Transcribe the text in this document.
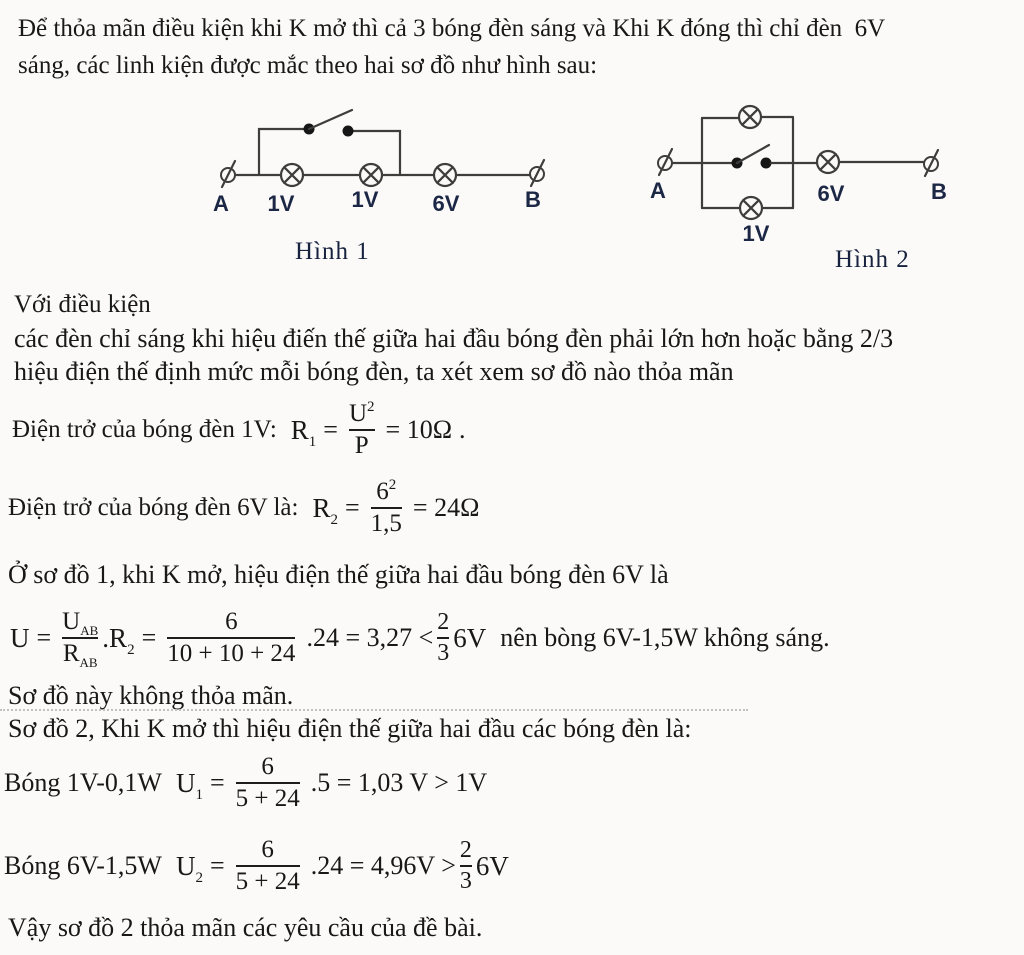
Để thỏa mãn điều kiện khi K mở thì cả 3 bóng đèn sáng và Khi K đóng thì chỉ đèn  6V
sáng, các linh kiện được mắc theo hai sơ đồ như hình sau:
A 1V	1V 6V	B
Hình 1
A	6V
1V
B
Hình 2
Với điều kiện
các đèn chỉ sáng khi hiệu điến thế giữa hai đầu bóng đèn phải lớn hơn hoặc bằng 2/3
hiệu điện thế định mức mỗi bóng đèn, ta xét xem sơ đồ nào thỏa mãn
Điện trở của bóng đèn 1V: $R_1 = \frac{U^2}{P} = 10\Omega$ .
Điện trở của bóng đèn 6V là: $R_2 = \frac{6^2}{1,5} = 24\Omega$
Ở sơ đồ 1, khi K mở, hiệu điện thế giữa hai đầu bóng đèn 6V là
$U = \frac{U_{AB}}{R_{AB}} .R_2 = \frac{6}{10 + 10 + 24} .24 = 3,27 < \frac{2}{3} 6V$ nên bòng 6V-1,5W không sáng.
Sơ đồ này không thỏa mãn.
Sơ đồ 2, Khi K mở thì hiệu điện thế giữa hai đầu các bóng đèn là:
Bóng 1V-0,1W $U_1 = \frac{6}{5 + 24} .5 = 1,03$ V > 1V
Bóng 6V-1,5W $U_2 = \frac{6}{5 + 24} .24 = 4,96V > \frac{2}{3} 6V$
Vậy sơ đồ 2 thỏa mãn các yêu cầu của đề bài.
